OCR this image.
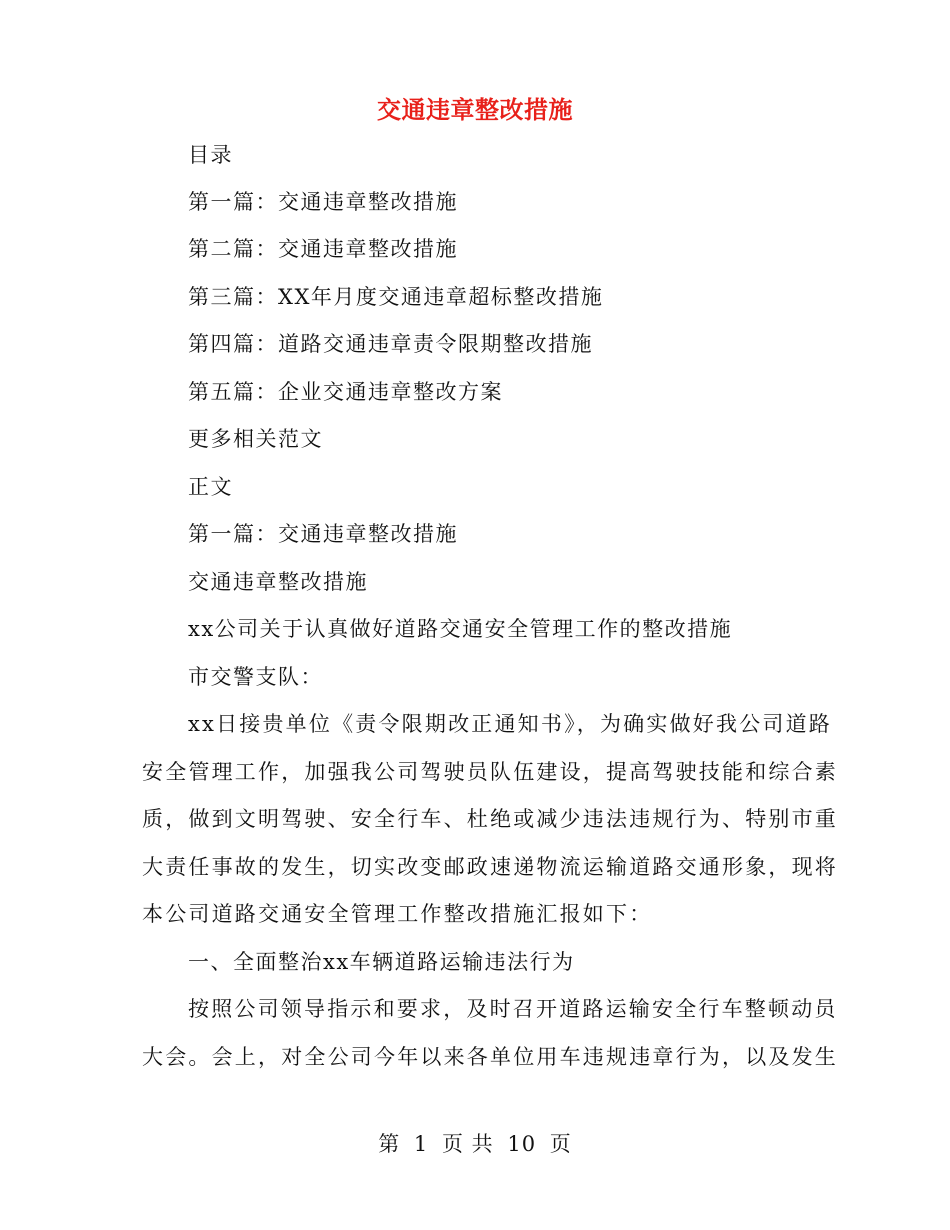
交通违章整改措施
目录
第一篇：交通违章整改措施
第二篇：交通违章整改措施
第三篇：XX年月度交通违章超标整改措施
第四篇：道路交通违章责令限期整改措施
第五篇：企业交通违章整改方案
更多相关范文
正文
第一篇：交通违章整改措施
交通违章整改措施
xx公司关于认真做好道路交通安全管理工作的整改措施
市交警支队：
xx日接贵单位《责令限期改正通知书》，为确实做好我公司道路
安全管理工作，加强我公司驾驶员队伍建设，提高驾驶技能和综合素
质，做到文明驾驶、安全行车、杜绝或减少违法违规行为、特别市重
大责任事故的发生，切实改变邮政速递物流运输道路交通形象，现将
本公司道路交通安全管理工作整改措施汇报如下：
一、全面整治xx车辆道路运输违法行为
按照公司领导指示和要求，及时召开道路运输安全行车整顿动员
大会。会上，对全公司今年以来各单位用车违规违章行为，以及发生
第 1 页 共 10 页
